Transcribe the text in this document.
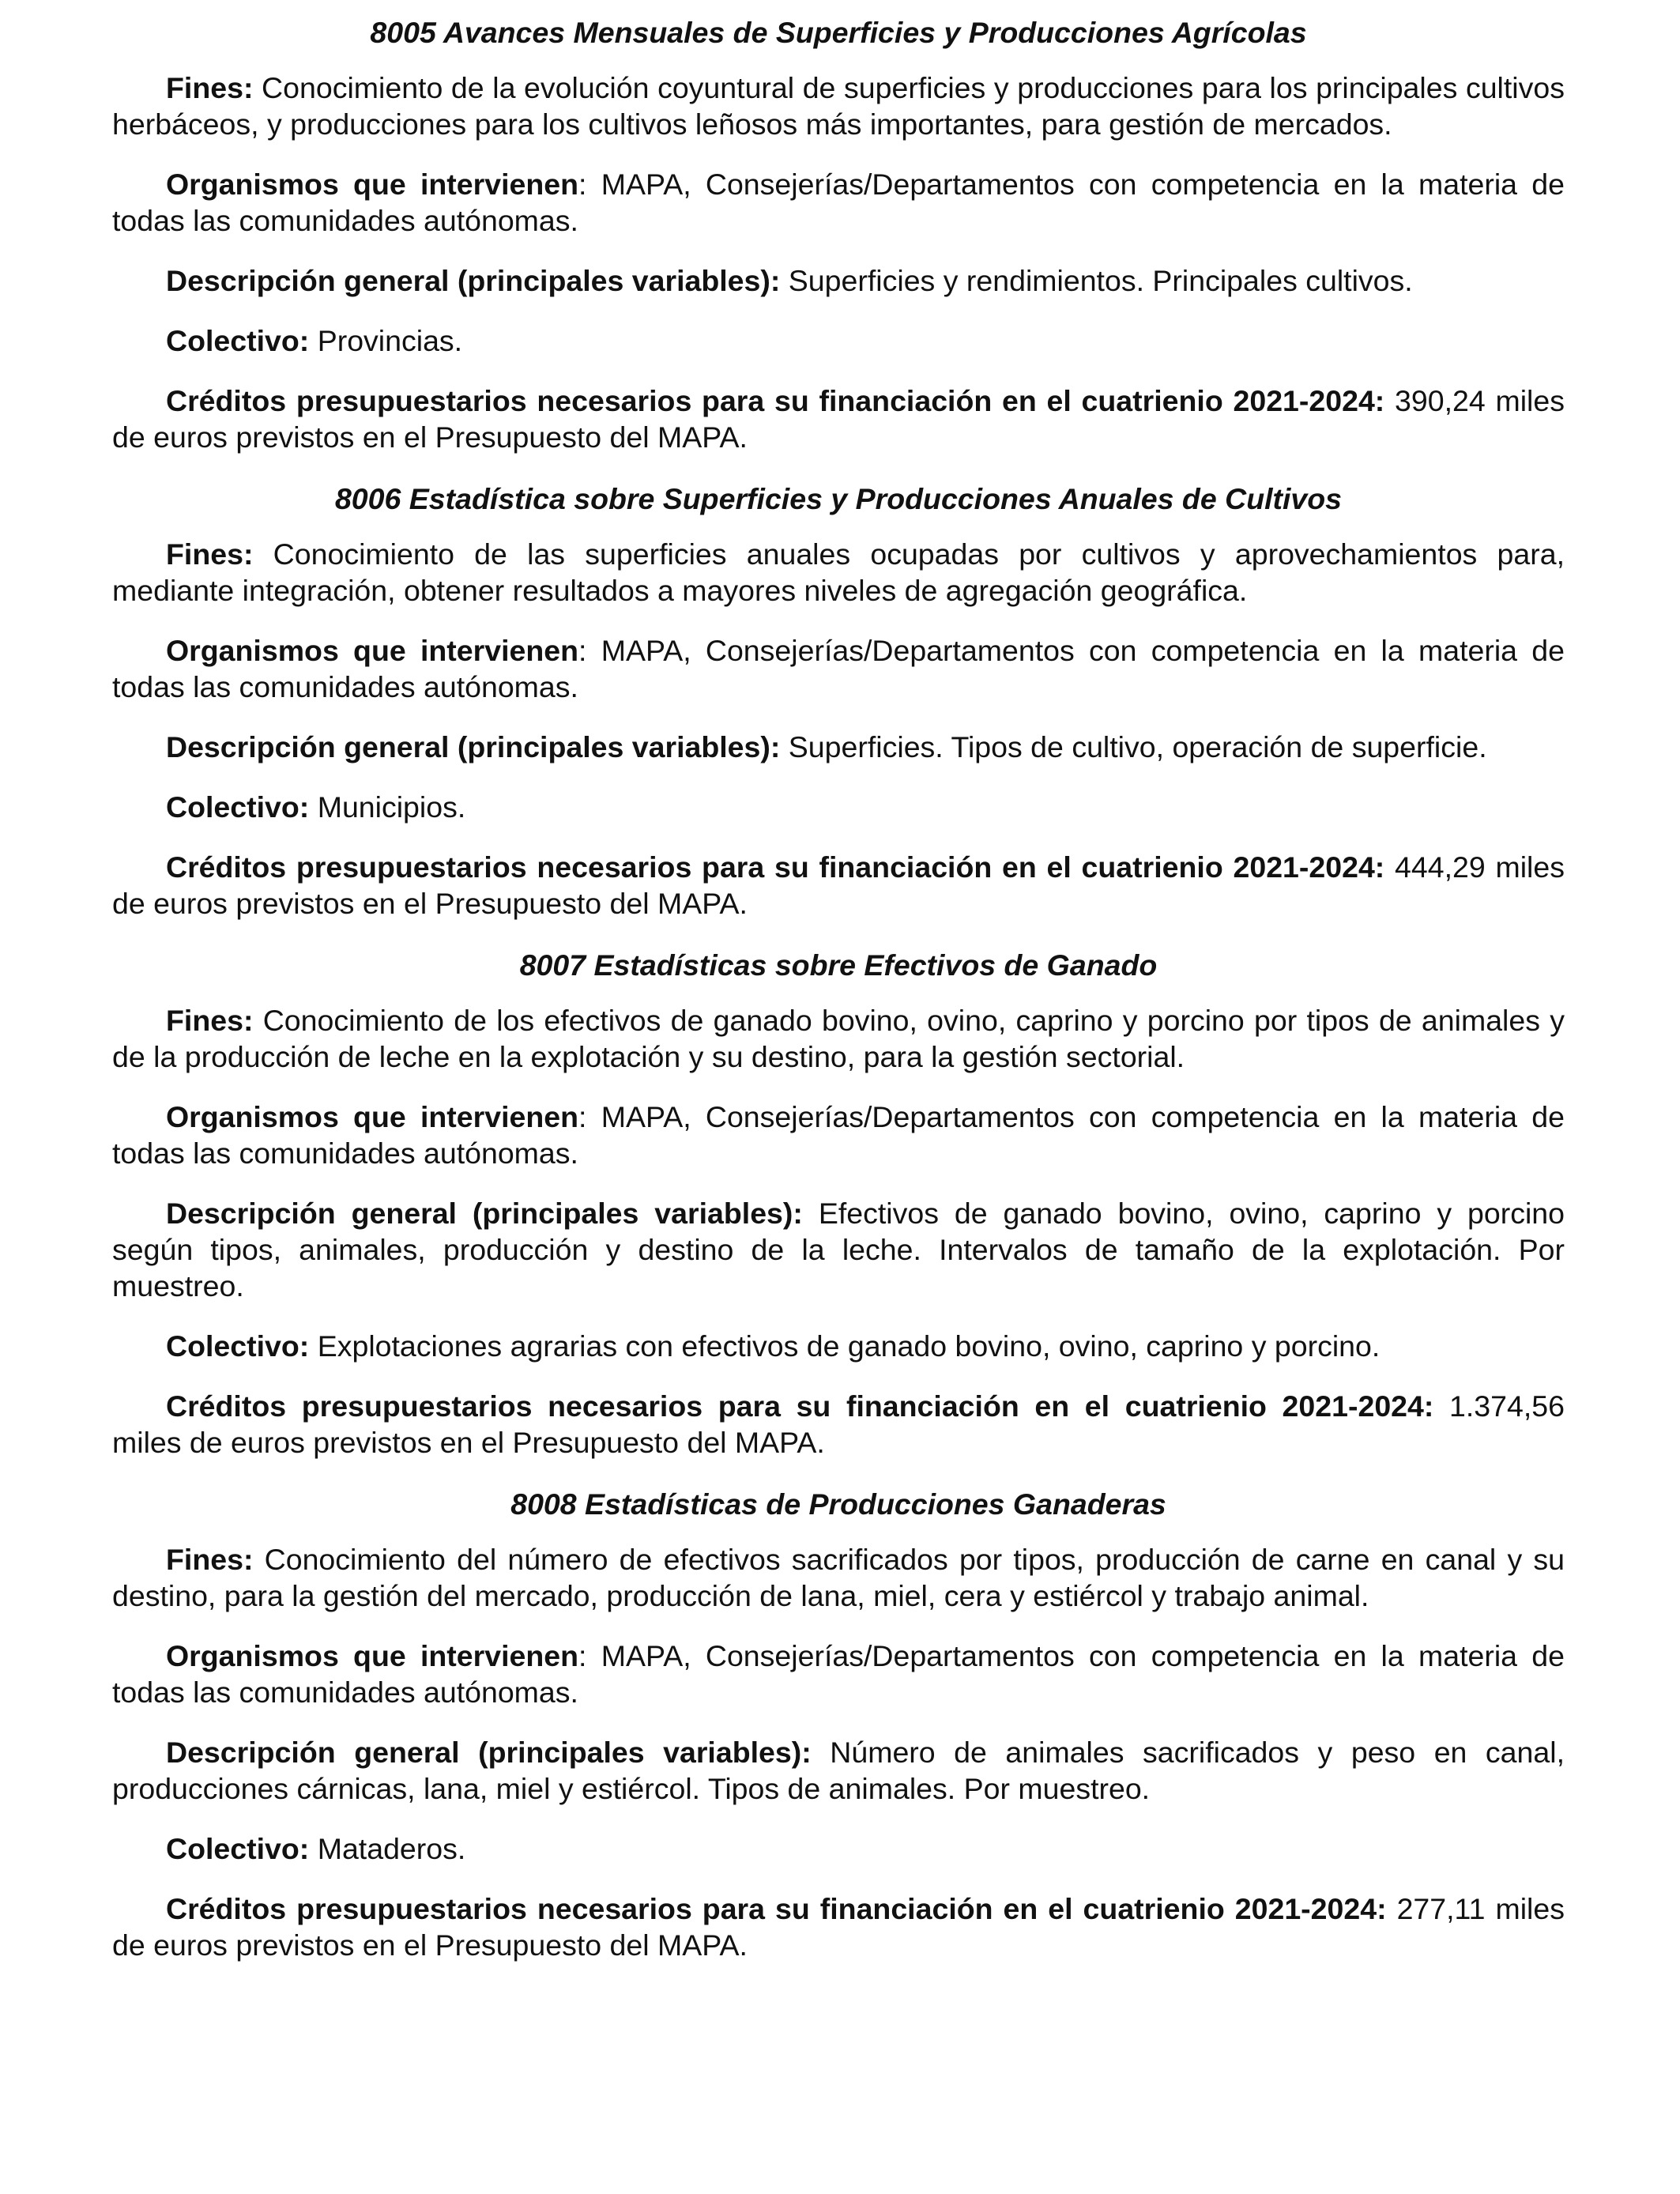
8005 Avances Mensuales de Superficies y Producciones Agrícolas

Fines: Conocimiento de la evolución coyuntural de superficies y producciones para los principales cultivos herbáceos, y producciones para los cultivos leñosos más importantes, para gestión de mercados.

Organismos que intervienen: MAPA, Consejerías/Departamentos con competencia en la materia de todas las comunidades autónomas.

Descripción general (principales variables): Superficies y rendimientos. Principales cultivos.

Colectivo: Provincias.

Créditos presupuestarios necesarios para su financiación en el cuatrienio 2021-2024: 390,24 miles de euros previstos en el Presupuesto del MAPA.

8006 Estadística sobre Superficies y Producciones Anuales de Cultivos

Fines: Conocimiento de las superficies anuales ocupadas por cultivos y aprovechamientos para, mediante integración, obtener resultados a mayores niveles de agregación geográfica.

Organismos que intervienen: MAPA, Consejerías/Departamentos con competencia en la materia de todas las comunidades autónomas.

Descripción general (principales variables): Superficies. Tipos de cultivo, operación de superficie.

Colectivo: Municipios.

Créditos presupuestarios necesarios para su financiación en el cuatrienio 2021-2024: 444,29 miles de euros previstos en el Presupuesto del MAPA.

8007 Estadísticas sobre Efectivos de Ganado

Fines: Conocimiento de los efectivos de ganado bovino, ovino, caprino y porcino por tipos de animales y de la producción de leche en la explotación y su destino, para la gestión sectorial.

Organismos que intervienen: MAPA, Consejerías/Departamentos con competencia en la materia de todas las comunidades autónomas.

Descripción general (principales variables): Efectivos de ganado bovino, ovino, caprino y porcino según tipos, animales, producción y destino de la leche. Intervalos de tamaño de la explotación. Por muestreo.

Colectivo: Explotaciones agrarias con efectivos de ganado bovino, ovino, caprino y porcino.

Créditos presupuestarios necesarios para su financiación en el cuatrienio 2021-2024: 1.374,56 miles de euros previstos en el Presupuesto del MAPA.

8008 Estadísticas de Producciones Ganaderas

Fines: Conocimiento del número de efectivos sacrificados por tipos, producción de carne en canal y su destino, para la gestión del mercado, producción de lana, miel, cera y estiércol y trabajo animal.

Organismos que intervienen: MAPA, Consejerías/Departamentos con competencia en la materia de todas las comunidades autónomas.

Descripción general (principales variables): Número de animales sacrificados y peso en canal, producciones cárnicas, lana, miel y estiércol. Tipos de animales. Por muestreo.

Colectivo: Mataderos.

Créditos presupuestarios necesarios para su financiación en el cuatrienio 2021-2024: 277,11 miles de euros previstos en el Presupuesto del MAPA.
